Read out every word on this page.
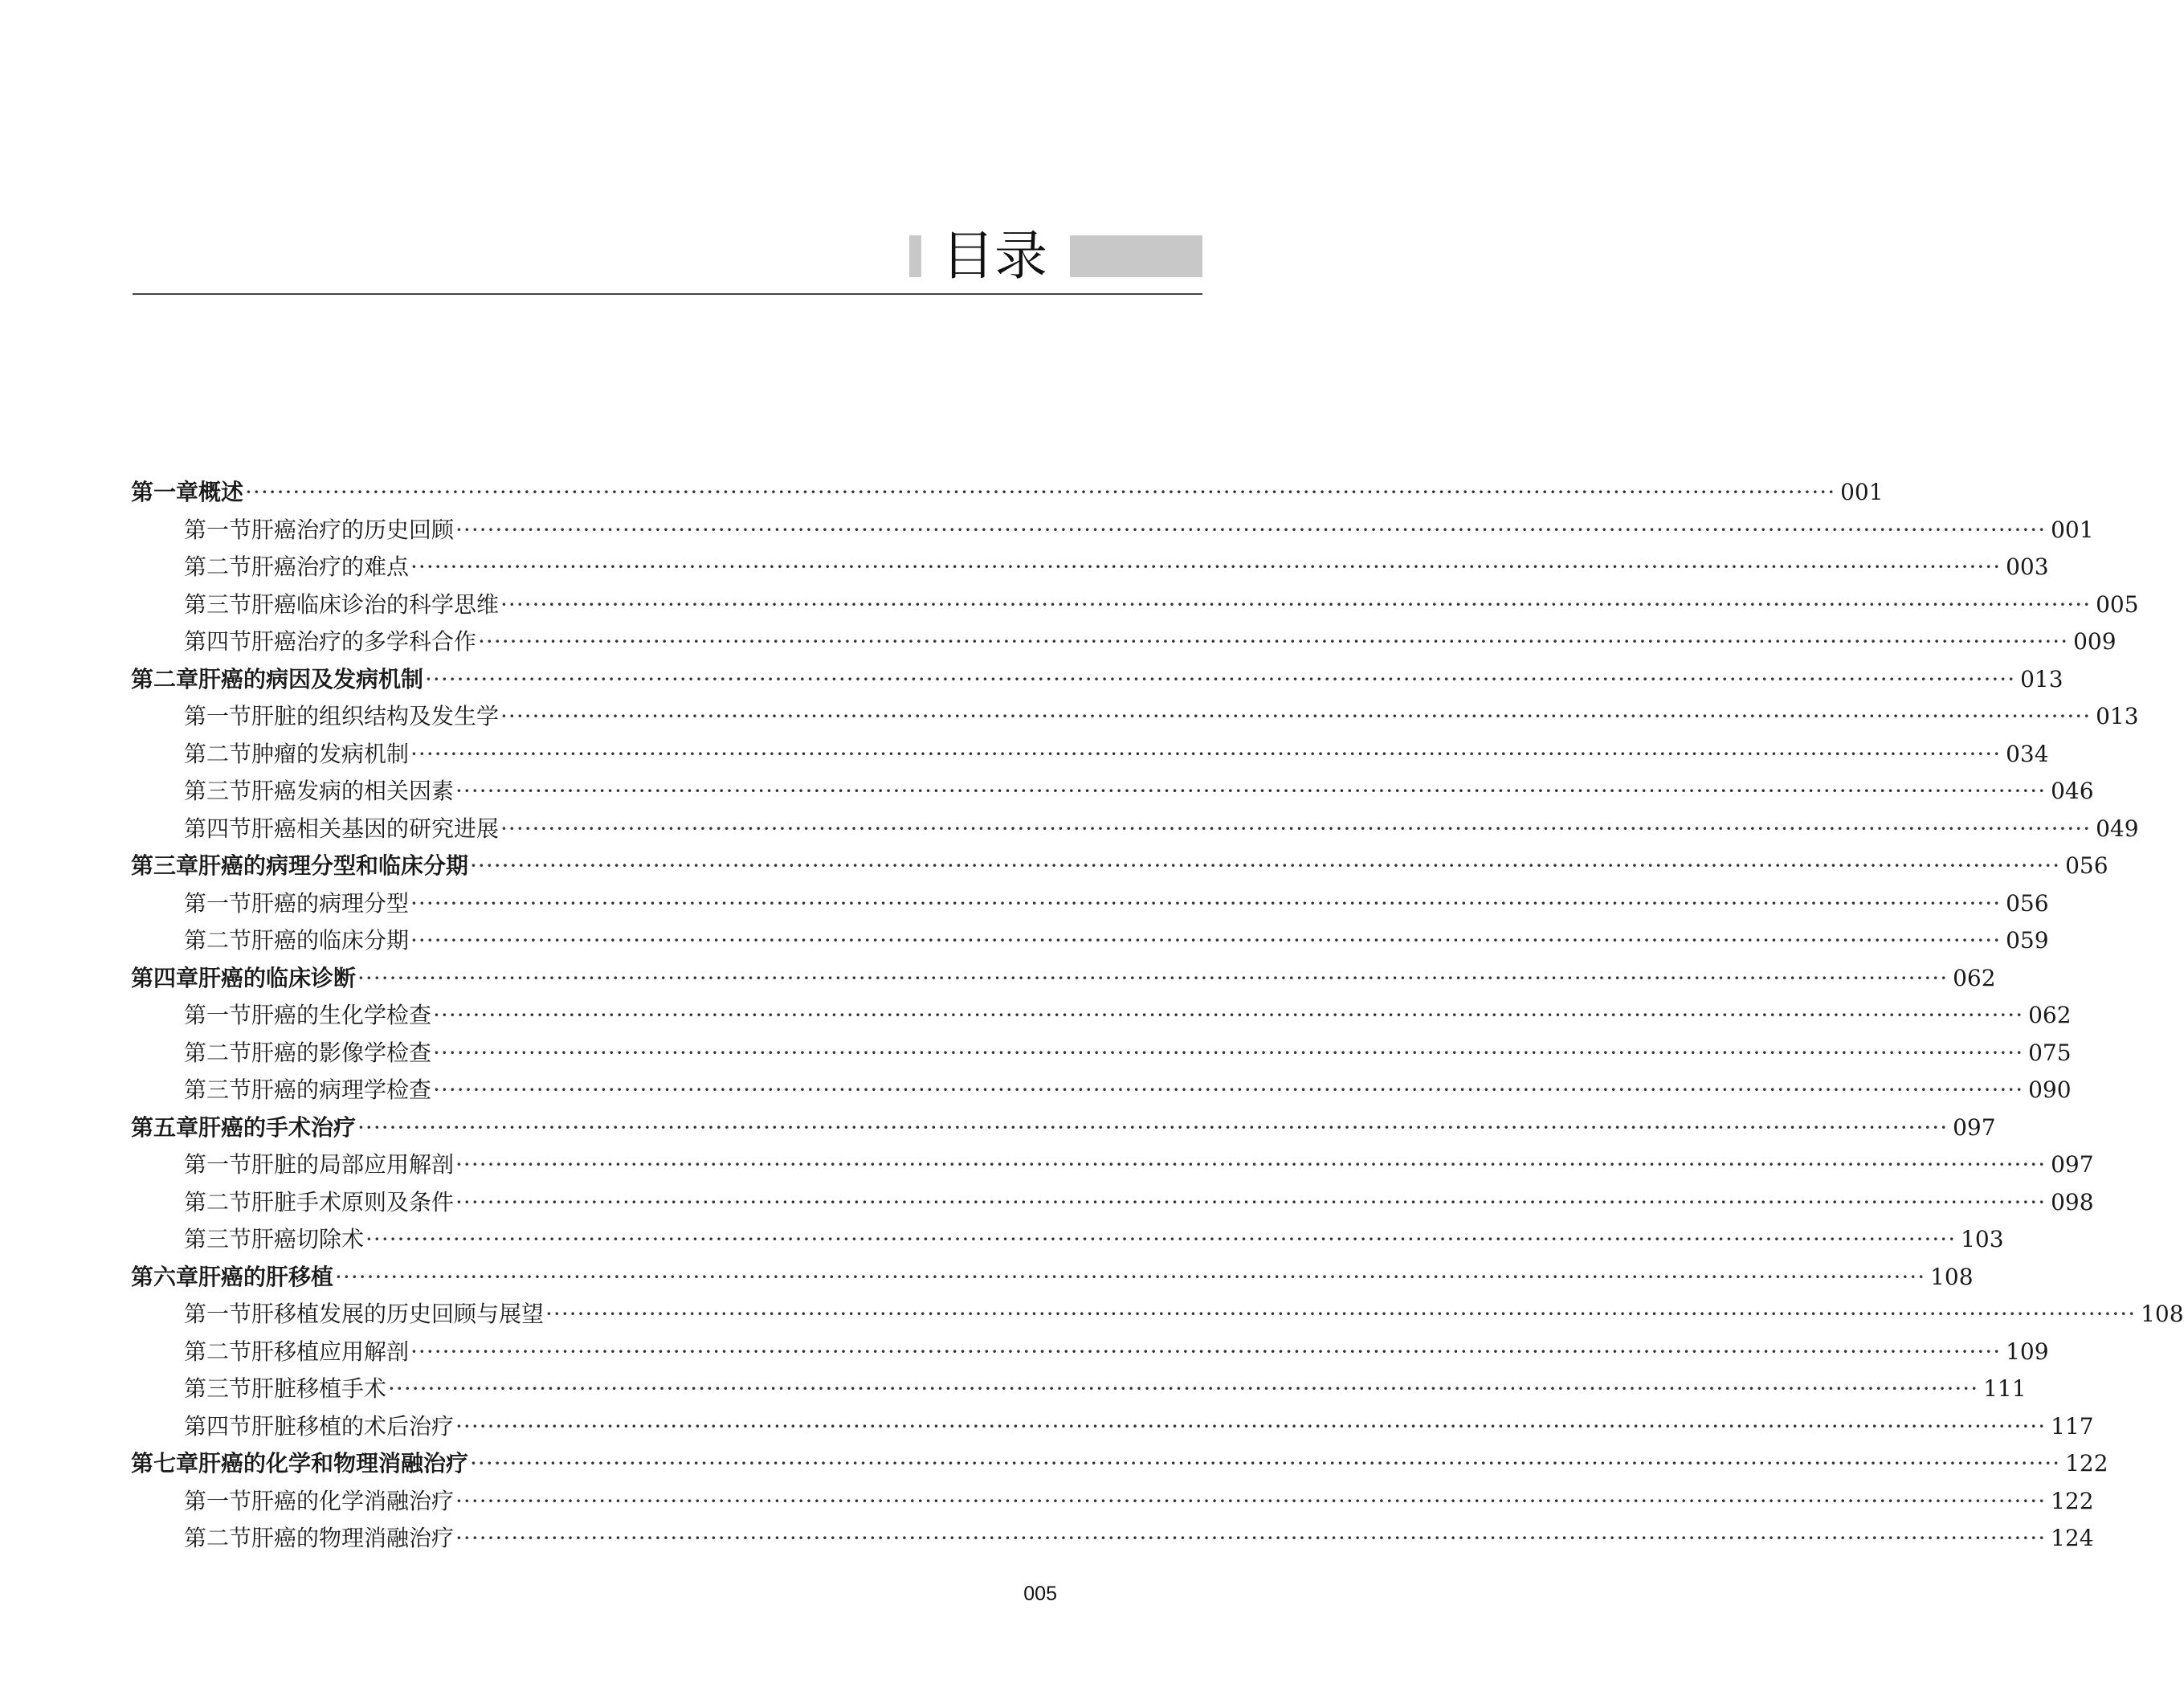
目录
第一章 概述 ········································································································································································································ 001
第一节 肝癌治疗的历史回顾 ········································································································································································································ 001
第二节 肝癌治疗的难点 ········································································································································································································ 003
第三节 肝癌临床诊治的科学思维 ········································································································································································································ 005
第四节 肝癌治疗的多学科合作 ········································································································································································································ 009
第二章 肝癌的病因及发病机制 ········································································································································································································ 013
第一节 肝脏的组织结构及发生学 ········································································································································································································ 013
第二节 肿瘤的发病机制 ········································································································································································································ 034
第三节 肝癌发病的相关因素 ········································································································································································································ 046
第四节 肝癌相关基因的研究进展 ········································································································································································································ 049
第三章 肝癌的病理分型和临床分期 ········································································································································································································ 056
第一节 肝癌的病理分型 ········································································································································································································ 056
第二节 肝癌的临床分期 ········································································································································································································ 059
第四章 肝癌的临床诊断 ········································································································································································································ 062
第一节 肝癌的生化学检查 ········································································································································································································ 062
第二节 肝癌的影像学检查 ········································································································································································································ 075
第三节 肝癌的病理学检查 ········································································································································································································ 090
第五章 肝癌的手术治疗 ········································································································································································································ 097
第一节 肝脏的局部应用解剖 ········································································································································································································ 097
第二节 肝脏手术原则及条件 ········································································································································································································ 098
第三节 肝癌切除术 ········································································································································································································ 103
第六章 肝癌的肝移植 ········································································································································································································ 108
第一节 肝移植发展的历史回顾与展望 ········································································································································································································ 108
第二节 肝移植应用解剖 ········································································································································································································ 109
第三节 肝脏移植手术 ········································································································································································································ 111
第四节 肝脏移植的术后治疗 ········································································································································································································ 117
第七章 肝癌的化学和物理消融治疗 ········································································································································································································ 122
第一节 肝癌的化学消融治疗 ········································································································································································································ 122
第二节 肝癌的物理消融治疗 ········································································································································································································ 124
005
